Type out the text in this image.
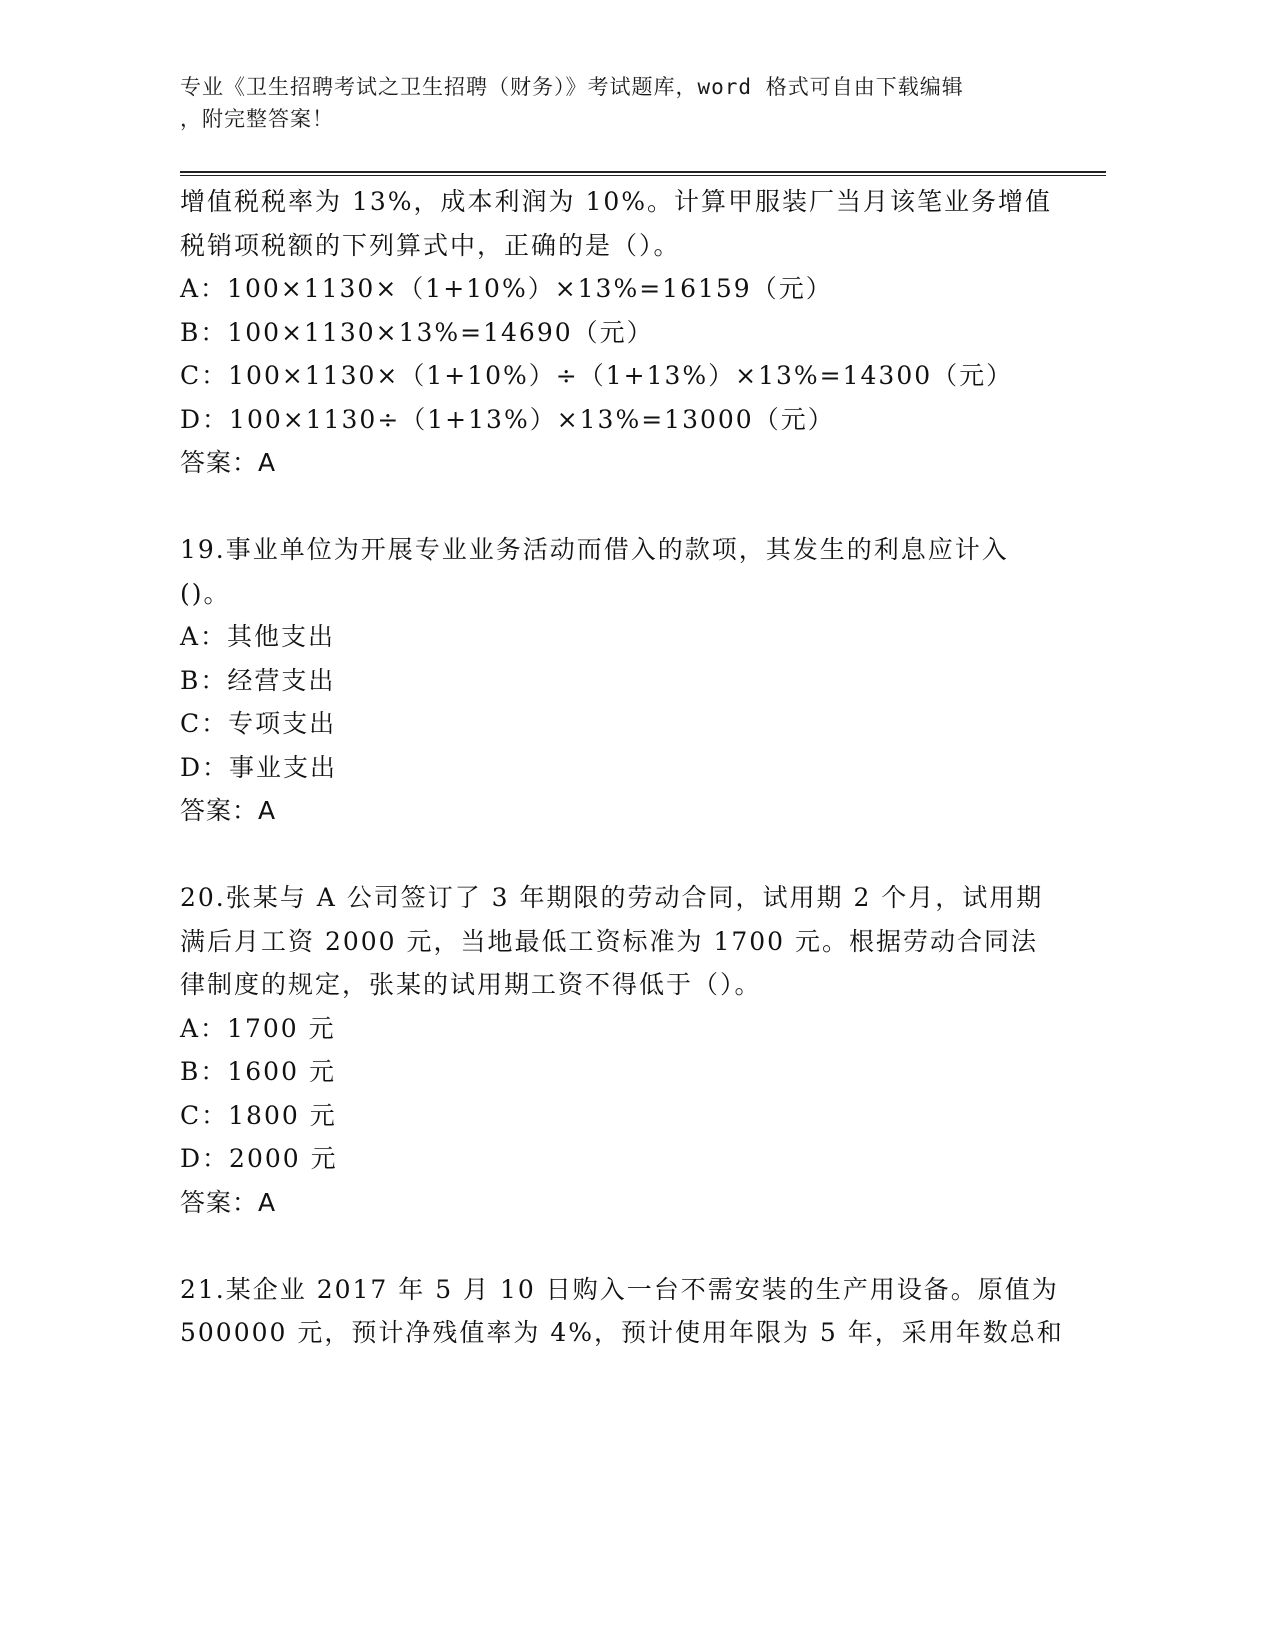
专业《卫生招聘考试之卫生招聘（财务）》考试题库，word 格式可自由下载编辑
，附完整答案！

增值税税率为 13%，成本利润为 10%。计算甲服装厂当月该笔业务增值

税销项税额的下列算式中，正确的是（）。

A：100×1130×（1+10%）×13%=16159（元）

B：100×1130×13%=14690（元）

C：100×1130×（1+10%）÷（1+13%）×13%=14300（元）

D：100×1130÷（1+13%）×13%=13000（元）

答案：A

19.事业单位为开展专业业务活动而借入的款项，其发生的利息应计入

()。

A：其他支出

B：经营支出

C：专项支出

D：事业支出

答案：A

20.张某与 A 公司签订了 3 年期限的劳动合同，试用期 2 个月，试用期

满后月工资 2000 元，当地最低工资标准为 1700 元。根据劳动合同法

律制度的规定，张某的试用期工资不得低于（）。

A：1700 元

B：1600 元

C：1800 元

D：2000 元

答案：A

21.某企业 2017 年 5 月 10 日购入一台不需安装的生产用设备。原值为

500000 元，预计净残值率为 4%，预计使用年限为 5 年，采用年数总和
